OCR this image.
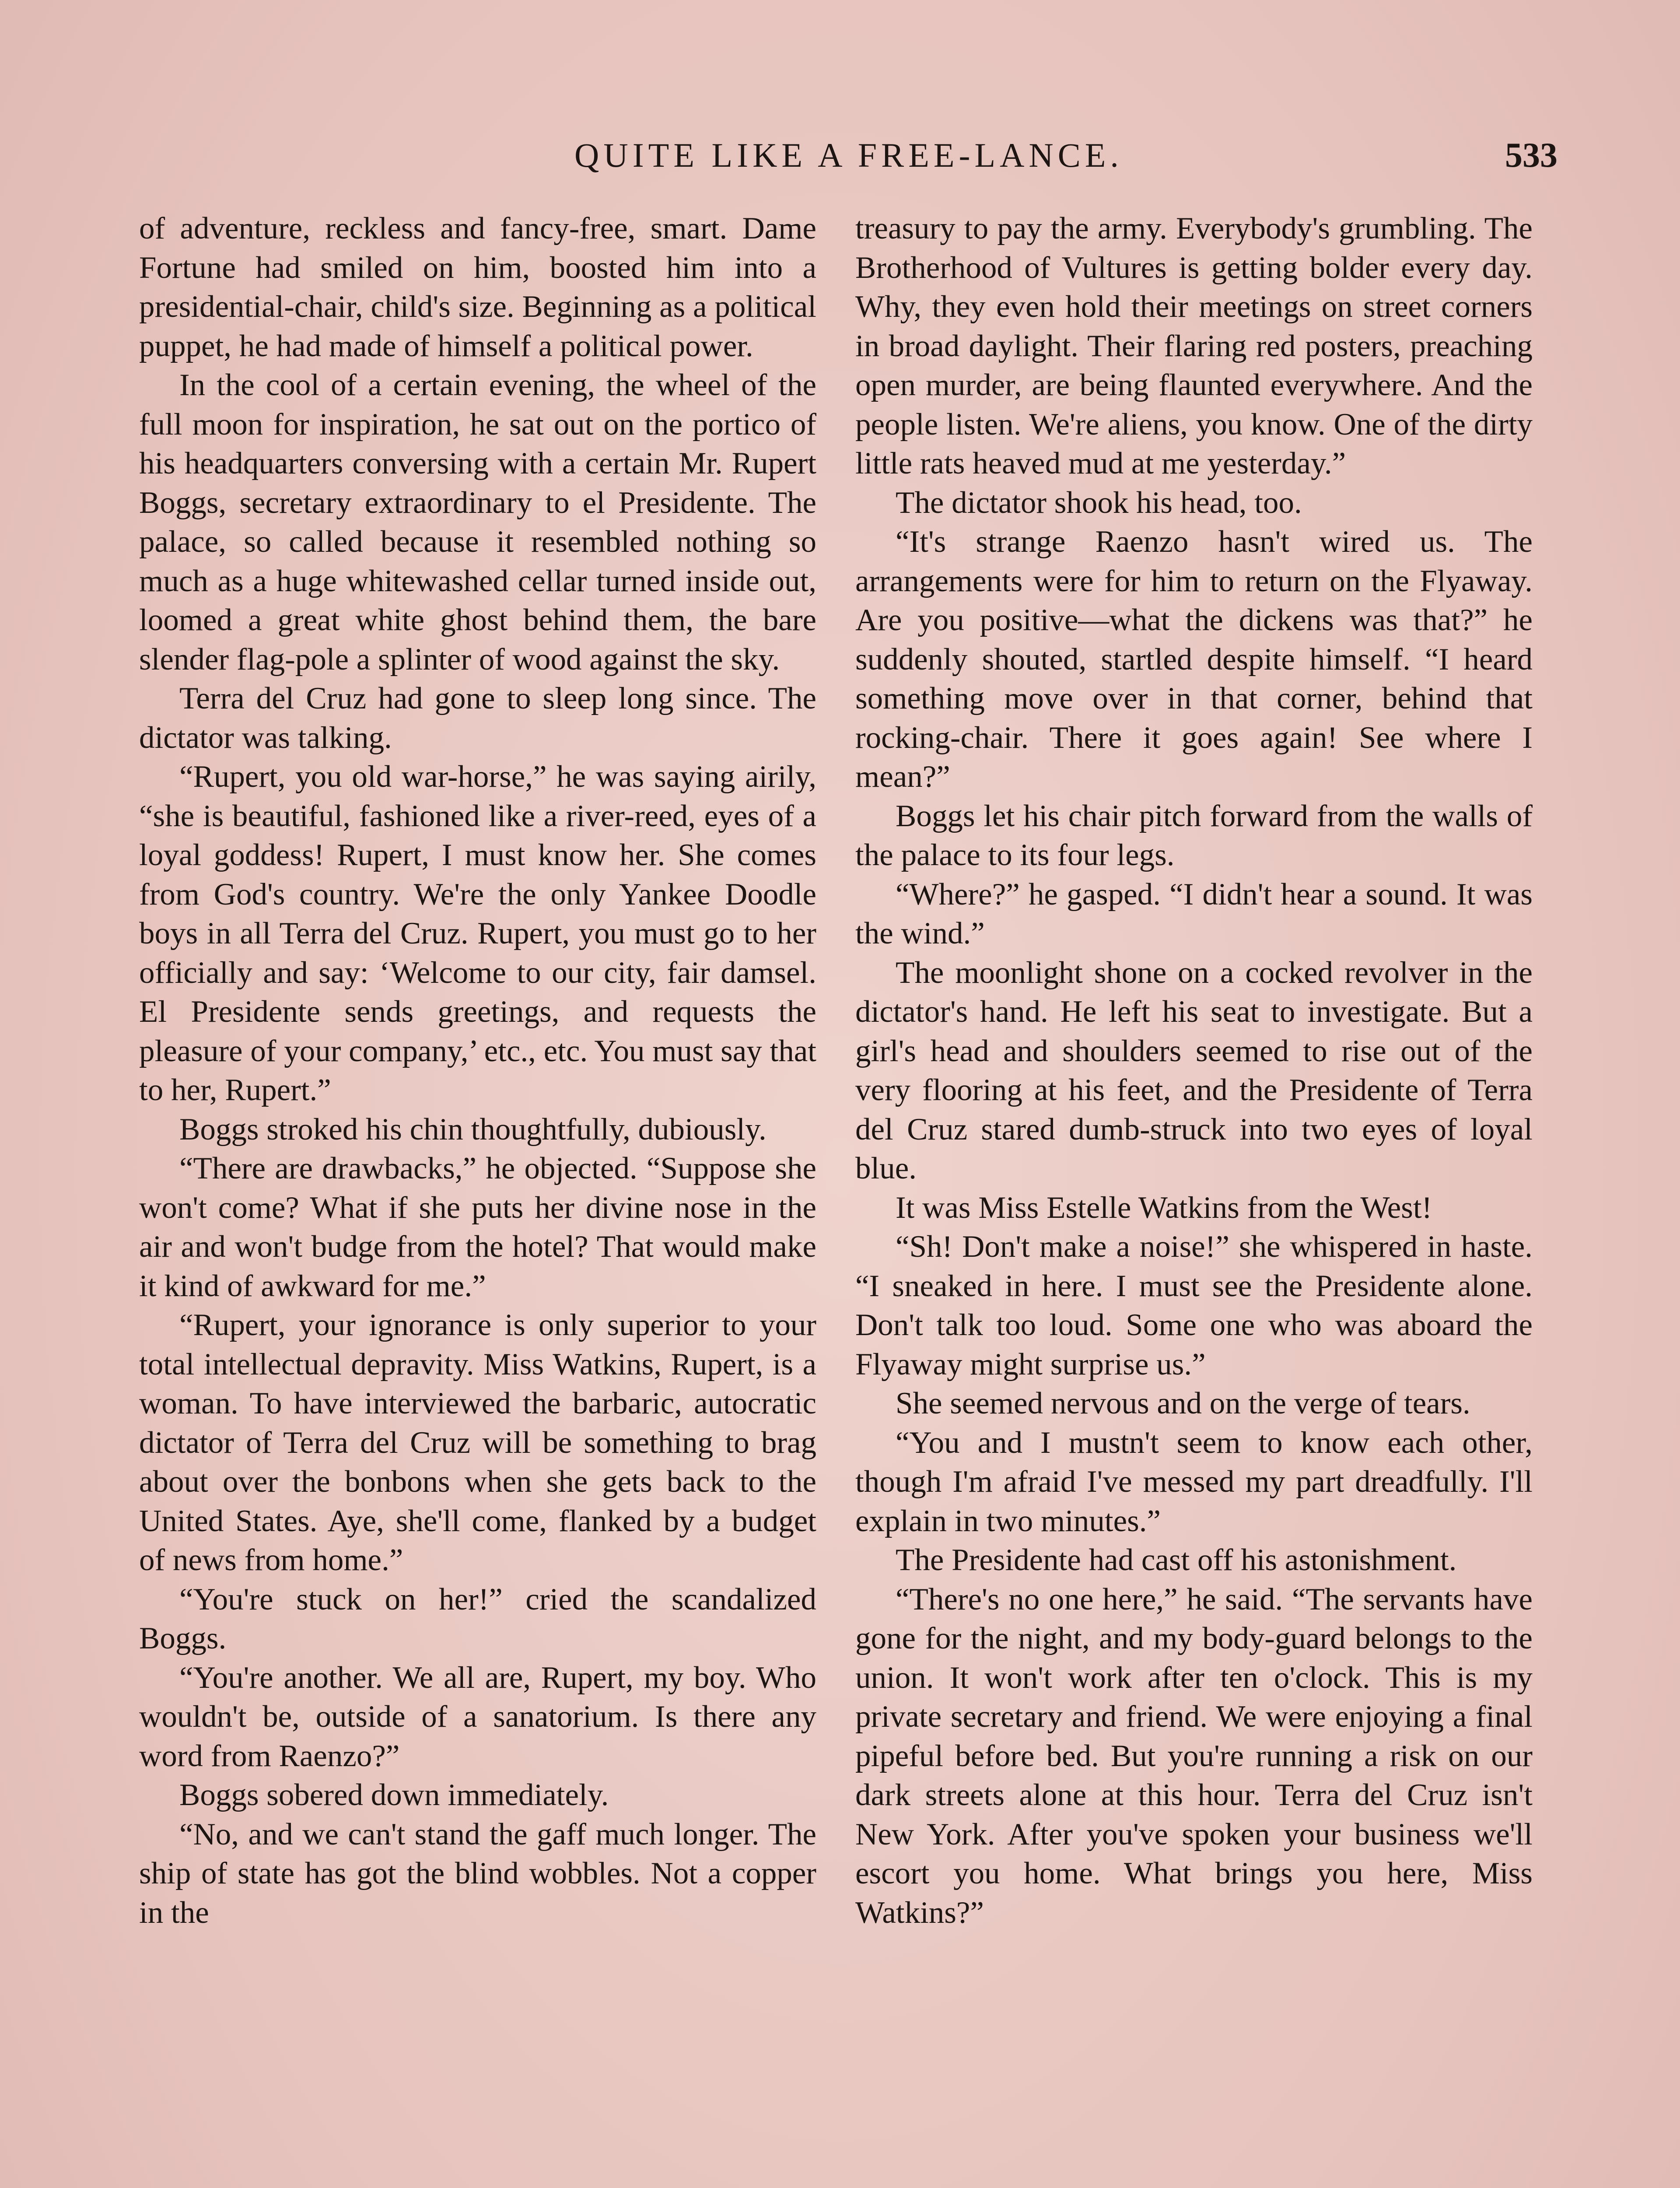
QUITE LIKE A FREE-LANCE.	533

of adventure, reckless and fancy-free, smart. Dame Fortune had smiled on him, boosted him into a presidential-chair, child's size. Beginning as a political puppet, he had made of himself a political power.

In the cool of a certain evening, the wheel of the full moon for inspiration, he sat out on the portico of his headquarters conversing with a certain Mr. Rupert Boggs, secretary extraordinary to el Presidente. The palace, so called because it resembled nothing so much as a huge whitewashed cellar turned inside out, loomed a great white ghost behind them, the bare slender flag-pole a splinter of wood against the sky.

Terra del Cruz had gone to sleep long since. The dictator was talking.

“Rupert, you old war-horse,” he was saying airily, “she is beautiful, fashioned like a river-reed, eyes of a loyal goddess! Rupert, I must know her. She comes from God's country. We're the only Yankee Doodle boys in all Terra del Cruz. Rupert, you must go to her officially and say: ‘Welcome to our city, fair damsel. El Presidente sends greetings, and requests the pleasure of your company,’ etc., etc. You must say that to her, Rupert.”

Boggs stroked his chin thoughtfully, dubiously.

“There are drawbacks,” he objected. “Suppose she won't come? What if she puts her divine nose in the air and won't budge from the hotel? That would make it kind of awkward for me.”

“Rupert, your ignorance is only superior to your total intellectual depravity. Miss Watkins, Rupert, is a woman. To have interviewed the barbaric, autocratic dictator of Terra del Cruz will be something to brag about over the bonbons when she gets back to the United States. Aye, she'll come, flanked by a budget of news from home.”

“You're stuck on her!” cried the scandalized Boggs.

“You're another. We all are, Rupert, my boy. Who wouldn't be, outside of a sanatorium. Is there any word from Raenzo?”

Boggs sobered down immediately.

“No, and we can't stand the gaff much longer. The ship of state has got the blind wobbles. Not a copper in the

treasury to pay the army. Everybody's grumbling. The Brotherhood of Vultures is getting bolder every day. Why, they even hold their meetings on street corners in broad daylight. Their flaring red posters, preaching open murder, are being flaunted everywhere. And the people listen. We're aliens, you know. One of the dirty little rats heaved mud at me yesterday.”

The dictator shook his head, too.

“It's strange Raenzo hasn't wired us. The arrangements were for him to return on the Flyaway. Are you positive—what the dickens was that?” he suddenly shouted, startled despite himself. “I heard something move over in that corner, behind that rocking-chair. There it goes again! See where I mean?”

Boggs let his chair pitch forward from the walls of the palace to its four legs.

“Where?” he gasped. “I didn't hear a sound. It was the wind.”

The moonlight shone on a cocked revolver in the dictator's hand. He left his seat to investigate. But a girl's head and shoulders seemed to rise out of the very flooring at his feet, and the Presidente of Terra del Cruz stared dumb-struck into two eyes of loyal blue.

It was Miss Estelle Watkins from the West!

“Sh! Don't make a noise!” she whispered in haste. “I sneaked in here. I must see the Presidente alone. Don't talk too loud. Some one who was aboard the Flyaway might surprise us.”

She seemed nervous and on the verge of tears.

“You and I mustn't seem to know each other, though I'm afraid I've messed my part dreadfully. I'll explain in two minutes.”

The Presidente had cast off his astonishment.

“There's no one here,” he said. “The servants have gone for the night, and my body-guard belongs to the union. It won't work after ten o'clock. This is my private secretary and friend. We were enjoying a final pipeful before bed. But you're running a risk on our dark streets alone at this hour. Terra del Cruz isn't New York. After you've spoken your business we'll escort you home. What brings you here, Miss Watkins?”
